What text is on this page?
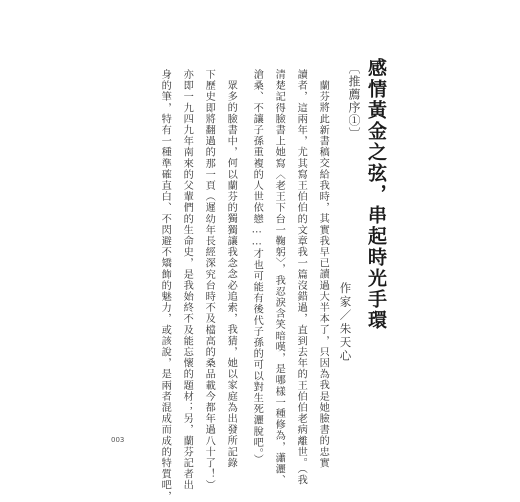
〔推薦序①〕 感情黃金之弦，串起時光手環
作家／朱天心
蘭芬將此新書稿交給我時，其實我早已讀過大半本了，只因為我是她臉書的忠實
讀者，這兩年，尤其寫王伯伯的文章我一篇沒錯過，直到去年的王伯伯老病離世。（我
清楚記得臉書上她寫〈老王下台一鞠躬〉，我忍淚含笑暗嘆，是哪樣一種修為，瀟灑、
滄桑、不讓子孫重複的人世依戀……才也可能有後代子孫的可以對生死灑脫吧。）
眾多的臉書中，何以蘭芬的獨獨讓我念念必追索，我猜，她以家庭為出發所記錄
下歷史即將翻過的那一頁（遲幼年長經深究台時不及檔高的桑品載今都年過八十了！）
亦即一九四九年南來的父輩們的生命史，是我始終不及能忘懷的題材；另，蘭芬記者出
身的筆，特有一種準確直白、不閃避不矯飾的魅力，或該說，是兩者混成而成的特質吧，
003
